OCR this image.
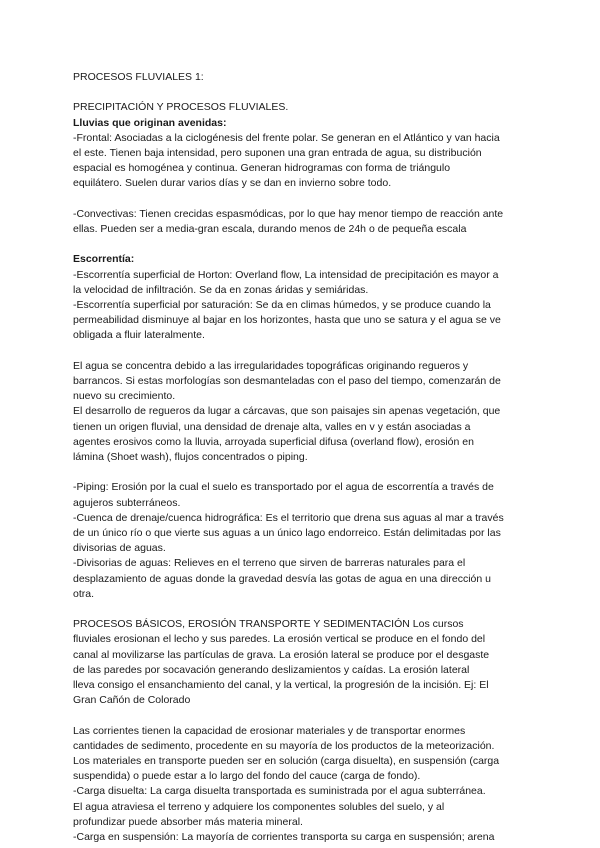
PROCESOS FLUVIALES 1:

PRECIPITACIÓN Y PROCESOS FLUVIALES.

Lluvias que originan avenidas:

-Frontal: Asociadas a la ciclogénesis del frente polar. Se generan en el Atlántico y van hacia

el este. Tienen baja intensidad, pero suponen una gran entrada de agua, su distribución

espacial es homogénea y continua. Generan hidrogramas con forma de triángulo

equilátero. Suelen durar varios días y se dan en invierno sobre todo.

-Convectivas: Tienen crecidas espasmódicas, por lo que hay menor tiempo de reacción ante

ellas. Pueden ser a media-gran escala, durando menos de 24h o de pequeña escala

Escorrentía:

-Escorrentía superficial de Horton: Overland flow, La intensidad de precipitación es mayor a

la velocidad de infiltración. Se da en zonas áridas y semiáridas.

-Escorrentía superficial por saturación: Se da en climas húmedos, y se produce cuando la

permeabilidad disminuye al bajar en los horizontes, hasta que uno se satura y el agua se ve

obligada a fluir lateralmente.

El agua se concentra debido a las irregularidades topográficas originando regueros y

barrancos. Si estas morfologías son desmanteladas con el paso del tiempo, comenzarán de

nuevo su crecimiento.

El desarrollo de regueros da lugar a cárcavas, que son paisajes sin apenas vegetación, que

tienen un origen fluvial, una densidad de drenaje alta, valles en v y están asociadas a

agentes erosivos como la lluvia, arroyada superficial difusa (overland flow), erosión en

lámina (Shoet wash), flujos concentrados o piping.

-Piping: Erosión por la cual el suelo es transportado por el agua de escorrentía a través de

agujeros subterráneos.

-Cuenca de drenaje/cuenca hidrográfica: Es el territorio que drena sus aguas al mar a través

de un único río o que vierte sus aguas a un único lago endorreico. Están delimitadas por las

divisorias de aguas.

-Divisorias de aguas: Relieves en el terreno que sirven de barreras naturales para el

desplazamiento de aguas donde la gravedad desvía las gotas de agua en una dirección u

otra.

PROCESOS BÁSICOS, EROSIÓN TRANSPORTE Y SEDIMENTACIÓN Los cursos

fluviales erosionan el lecho y sus paredes. La erosión vertical se produce en el fondo del

canal al movilizarse las partículas de grava. La erosión lateral se produce por el desgaste

de las paredes por socavación generando deslizamientos y caídas. La erosión lateral

lleva consigo el ensanchamiento del canal, y la vertical, la progresión de la incisión. Ej: El

Gran Cañón de Colorado

Las corrientes tienen la capacidad de erosionar materiales y de transportar enormes

cantidades de sedimento, procedente en su mayoría de los productos de la meteorización.

Los materiales en transporte pueden ser en solución (carga disuelta), en suspensión (carga

suspendida) o puede estar a lo largo del fondo del cauce (carga de fondo).

-Carga disuelta: La carga disuelta transportada es suministrada por el agua subterránea.

El agua atraviesa el terreno y adquiere los componentes solubles del suelo, y al

profundizar puede absorber más materia mineral.

-Carga en suspensión: La mayoría de corrientes transporta su carga en suspensión; arena
